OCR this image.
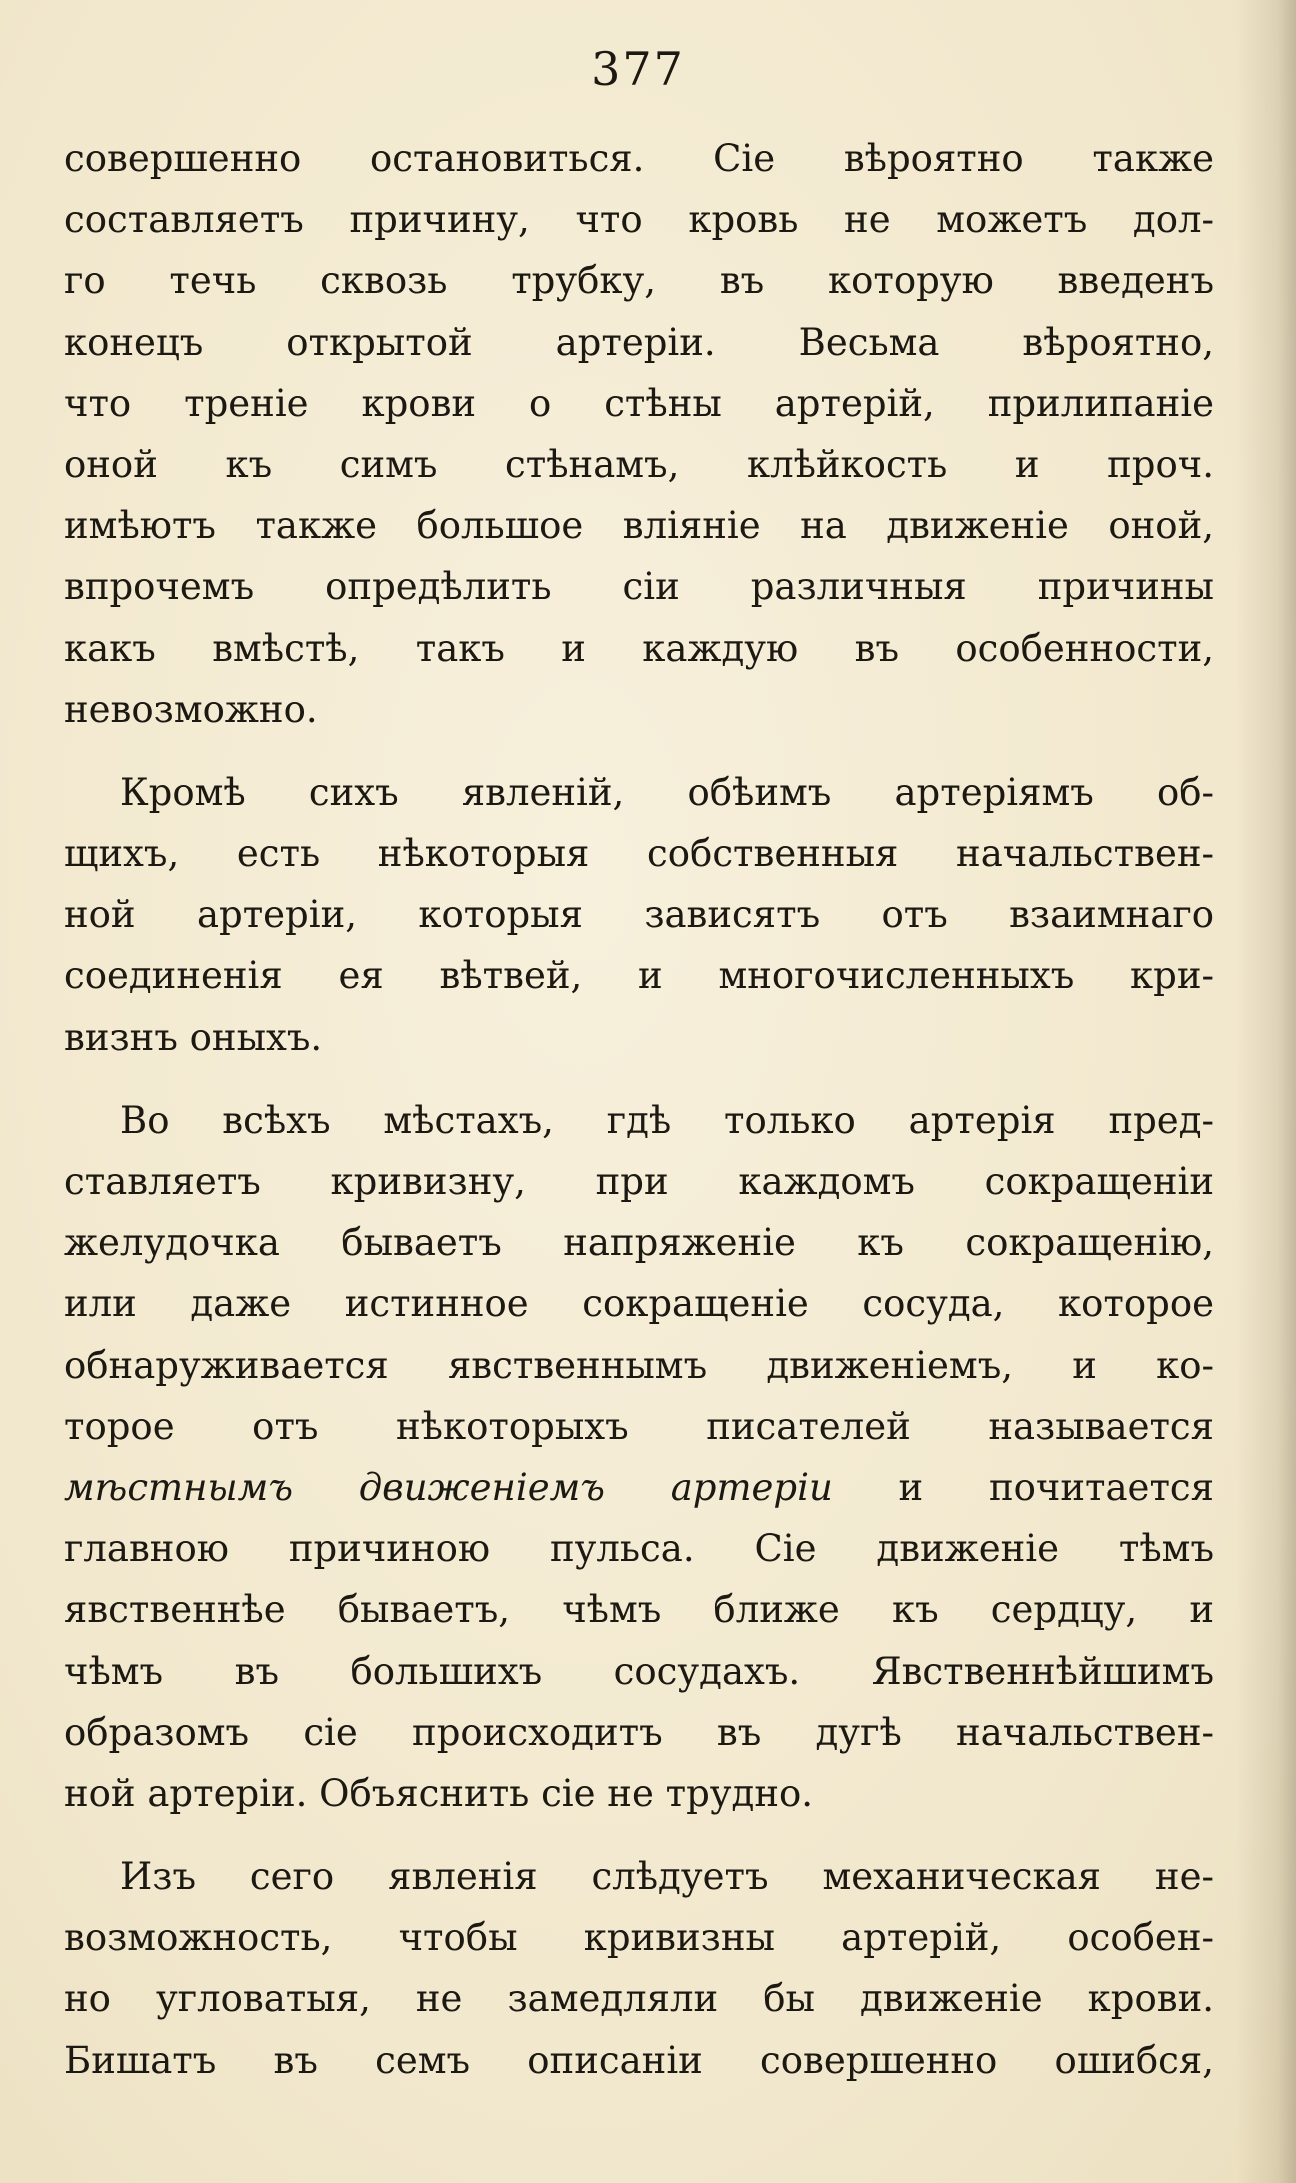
377
совершенно остановиться. Сіе вѣроятно также
составляетъ причину, что кровь не можетъ дол-
го течь сквозь трубку, въ которую введенъ
конецъ открытой артеріи. Весьма вѣроятно,
что треніе крови о стѣны артерій, прилипаніе
оной къ симъ стѣнамъ, клѣйкость и проч.
имѣютъ также большое вліяніе на движеніе оной,
впрочемъ опредѣлить сіи различныя причины
какъ вмѣстѣ, такъ и каждую въ особенности,
невозможно.
Кромѣ сихъ явленій, обѣимъ артеріямъ об-
щихъ, есть нѣкоторыя собственныя начальствен-
ной артеріи, которыя зависятъ отъ взаимнаго
соединенія ея вѣтвей, и многочисленныхъ кри-
визнъ оныхъ.
Во всѣхъ мѣстахъ, гдѣ только артерія пред-
ставляетъ кривизну, при каждомъ сокращеніи
желудочка бываетъ напряженіе къ сокращенію,
или даже истинное сокращеніе сосуда, которое
обнаруживается явственнымъ движеніемъ, и ко-
торое отъ нѣкоторыхъ писателей называется
мѣстнымъ движеніемъ артеріи и почитается
главною причиною пульса. Сіе движеніе тѣмъ
явственнѣе бываетъ, чѣмъ ближе къ сердцу, и
чѣмъ въ большихъ сосудахъ. Явственнѣйшимъ
образомъ сіе происходитъ въ дугѣ начальствен-
ной артеріи. Объяснить сіе не трудно.
Изъ сего явленія слѣдуетъ механическая не-
возможность, чтобы кривизны артерій, особен-
но угловатыя, не замедляли бы движеніе крови.
Бишатъ въ семъ описаніи совершенно ошибся,
